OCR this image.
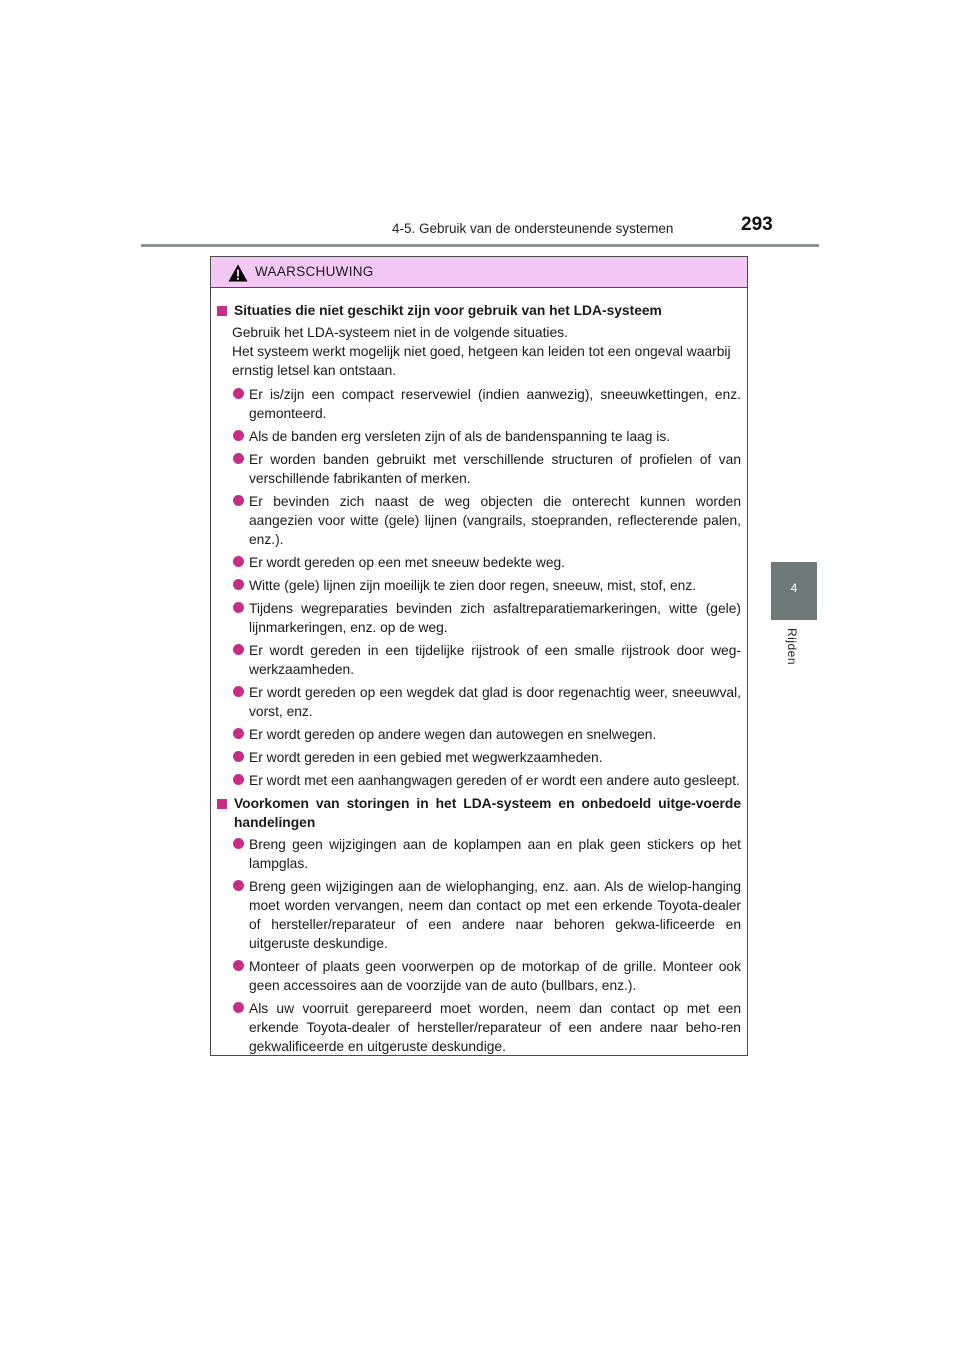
4-5. Gebruik van de ondersteunende systemen	293
4
Rijden
WAARSCHUWING
Situaties die niet geschikt zijn voor gebruik van het LDA-systeem
Gebruik het LDA-systeem niet in de volgende situaties.
Het systeem werkt mogelijk niet goed, hetgeen kan leiden tot een ongeval waarbij ernstig letsel kan ontstaan.
Er is/zijn een compact reservewiel (indien aanwezig), sneeuwkettingen, enz. gemonteerd.
Als de banden erg versleten zijn of als de bandenspanning te laag is.
Er worden banden gebruikt met verschillende structuren of profielen of van verschillende fabrikanten of merken.
Er bevinden zich naast de weg objecten die onterecht kunnen worden aangezien voor witte (gele) lijnen (vangrails, stoepranden, reflecterende palen, enz.).
Er wordt gereden op een met sneeuw bedekte weg.
Witte (gele) lijnen zijn moeilijk te zien door regen, sneeuw, mist, stof, enz.
Tijdens wegreparaties bevinden zich asfaltreparatiemarkeringen, witte (gele) lijnmarkeringen, enz. op de weg.
Er wordt gereden in een tijdelijke rijstrook of een smalle rijstrook door weg-werkzaamheden.
Er wordt gereden op een wegdek dat glad is door regenachtig weer, sneeuwval, vorst, enz.
Er wordt gereden op andere wegen dan autowegen en snelwegen.
Er wordt gereden in een gebied met wegwerkzaamheden.
Er wordt met een aanhangwagen gereden of er wordt een andere auto gesleept.
Voorkomen van storingen in het LDA-systeem en onbedoeld uitge-voerde handelingen
Breng geen wijzigingen aan de koplampen aan en plak geen stickers op het lampglas.
Breng geen wijzigingen aan de wielophanging, enz. aan. Als de wielop-hanging moet worden vervangen, neem dan contact op met een erkende Toyota-dealer of hersteller/reparateur of een andere naar behoren gekwa-lificeerde en uitgeruste deskundige.
Monteer of plaats geen voorwerpen op de motorkap of de grille. Monteer ook geen accessoires aan de voorzijde van de auto (bullbars, enz.).
Als uw voorruit gerepareerd moet worden, neem dan contact op met een erkende Toyota-dealer of hersteller/reparateur of een andere naar beho-ren gekwalificeerde en uitgeruste deskundige.
